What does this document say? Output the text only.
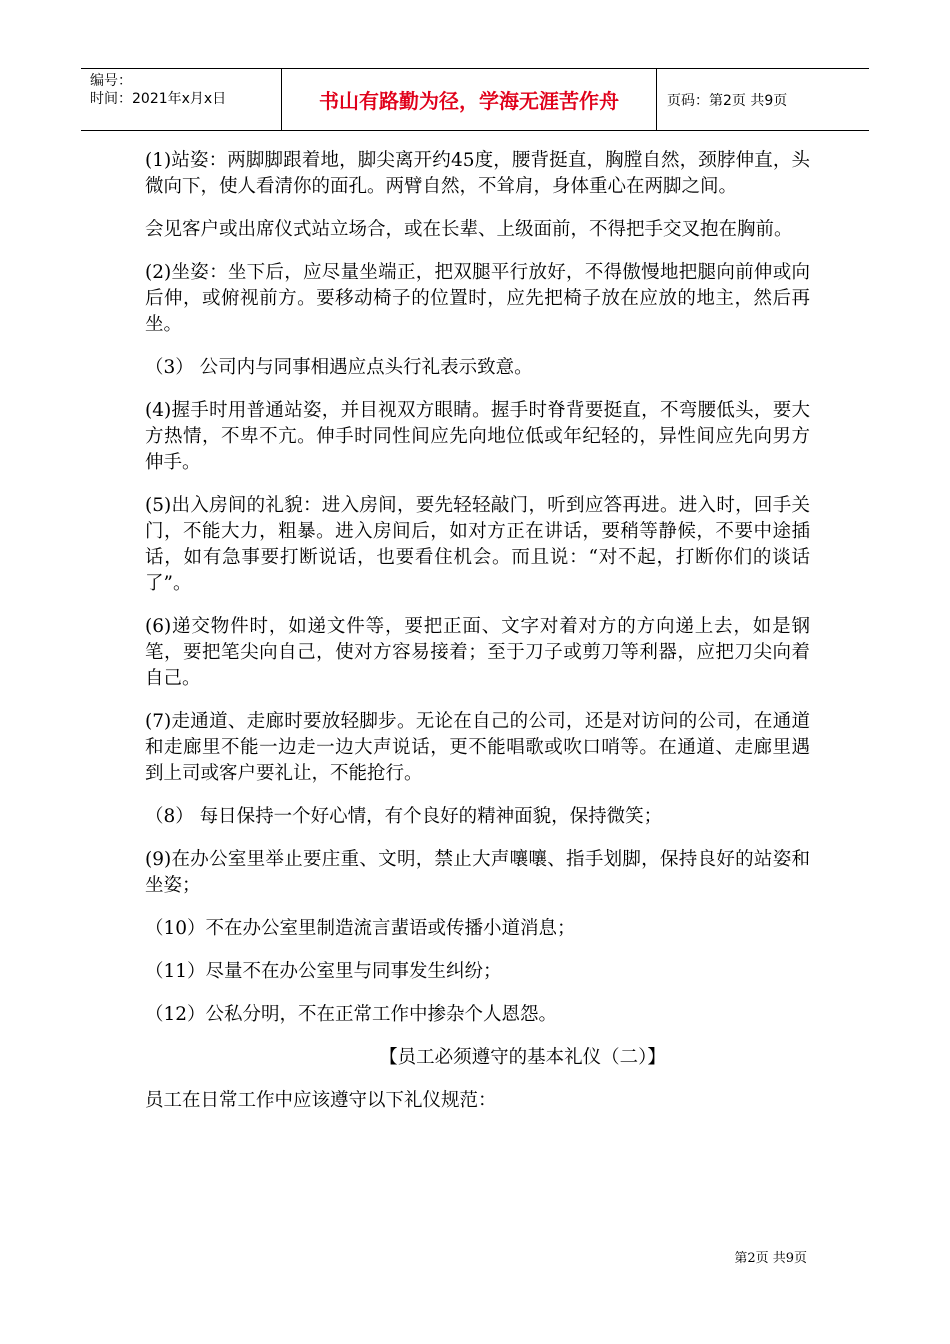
编号：
时间：2021年x月x日	书山有路勤为径，学海无涯苦作舟	页码：第2页 共9页

(1)站姿：两脚脚跟着地，脚尖离开约45度，腰背挺直，胸膛自然，颈脖伸直，头微向下，使人看清你的面孔。两臂自然，不耸肩，身体重心在两脚之间。

会见客户或出席仪式站立场合，或在长辈、上级面前，不得把手交叉抱在胸前。

(2)坐姿：坐下后，应尽量坐端正，把双腿平行放好，不得傲慢地把腿向前伸或向后伸，或俯视前方。要移动椅子的位置时，应先把椅子放在应放的地主，然后再坐。

（3） 公司内与同事相遇应点头行礼表示致意。

(4)握手时用普通站姿，并目视双方眼睛。握手时脊背要挺直，不弯腰低头，要大方热情，不卑不亢。伸手时同性间应先向地位低或年纪轻的，异性间应先向男方伸手。

(5)出入房间的礼貌：进入房间，要先轻轻敲门，听到应答再进。进入时，回手关门，不能大力，粗暴。进入房间后，如对方正在讲话，要稍等静候，不要中途插话，如有急事要打断说话，也要看住机会。而且说：“对不起，打断你们的谈话了”。

(6)递交物件时，如递文件等，要把正面、文字对着对方的方向递上去，如是钢笔，要把笔尖向自己，使对方容易接着；至于刀子或剪刀等利器，应把刀尖向着自己。

(7)走通道、走廊时要放轻脚步。无论在自己的公司，还是对访问的公司，在通道和走廊里不能一边走一边大声说话，更不能唱歌或吹口哨等。在通道、走廊里遇到上司或客户要礼让，不能抢行。

（8） 每日保持一个好心情，有个良好的精神面貌，保持微笑；

(9)在办公室里举止要庄重、文明，禁止大声嚷嚷、指手划脚，保持良好的站姿和坐姿；

（10）不在办公室里制造流言蜚语或传播小道消息；

（11）尽量不在办公室里与同事发生纠纷；

（12）公私分明，不在正常工作中掺杂个人恩怨。

【员工必须遵守的基本礼仪（二）】

员工在日常工作中应该遵守以下礼仪规范：

第2页 共9页
